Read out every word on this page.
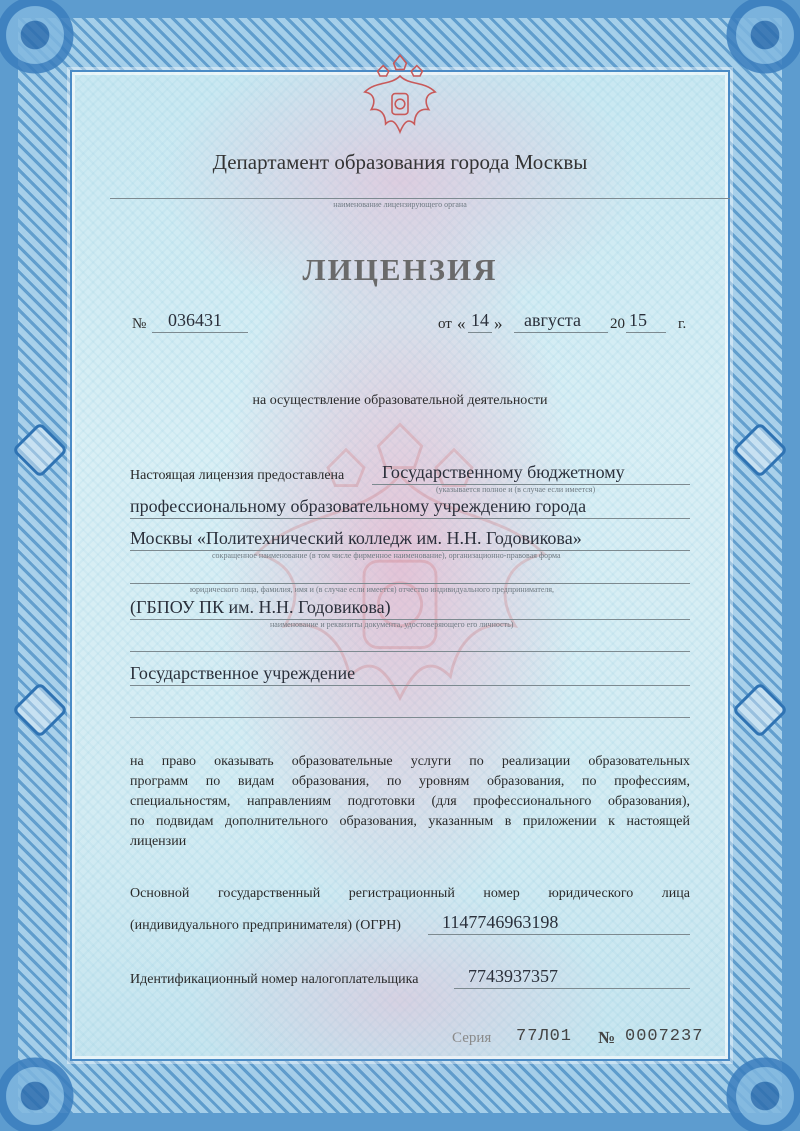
Департамент образования города Москвы
наименование лицензирующего органа
ЛИЦЕНЗИЯ
№ 036431	от « 14 » августа 20 15 г.
на осуществление образовательной деятельности
Настоящая лицензия предоставлена Государственному бюджетному
(указывается полное и (в случае если имеется)
профессиональному образовательному учреждению города
Москвы «Политехнический колледж им. Н.Н. Годовикова»
сокращенное наименование (в том числе фирменное наименование), организационно-правовая форма
юридического лица, фамилия, имя и (в случае если имеется) отчество индивидуального предпринимателя,
(ГБПОУ ПК им. Н.Н. Годовикова)
наименование и реквизиты документа, удостоверяющего его личность)
Государственное учреждение
на право оказывать образовательные услуги по реализации образовательных
программ по видам образования, по уровням образования, по профессиям,
специальностям, направлениям подготовки (для профессионального образования),
по подвидам дополнительного образования, указанным в приложении к настоящей
лицензии
Основной государственный регистрационный номер юридического лица
(индивидуального предпринимателя) (ОГРН) 1147746963198
Идентификационный номер налогоплательщика	7743937357
Серия 77Л01 № 0007237
